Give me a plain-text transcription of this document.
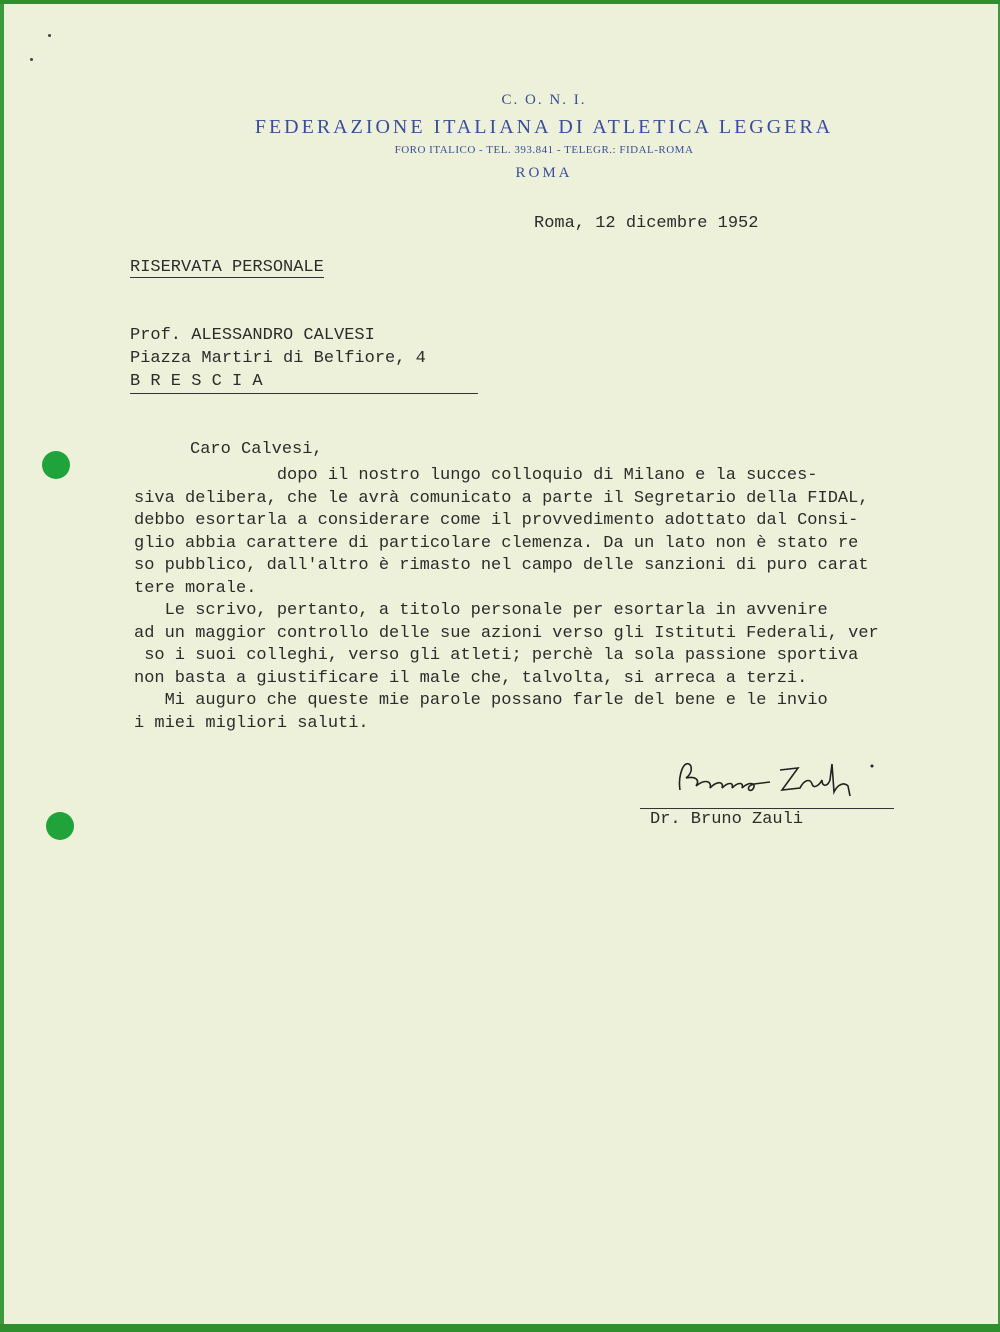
C. O. N. I.
FEDERAZIONE ITALIANA DI ATLETICA LEGGERA
FORO ITALICO - TEL. 393.841 - TELEGR.: FIDAL-ROMA
ROMA
Roma, 12 dicembre 1952
RISERVATA PERSONALE
Prof. ALESSANDRO CALVESI
Piazza Martiri di Belfiore, 4
B R E S C I A
Caro Calvesi,
dopo il nostro lungo colloquio di Milano e la succes-
siva delibera, che le avrà comunicato a parte il Segretario della FIDAL,
debbo esortarla a considerare come il provvedimento adottato dal Consi-
glio abbia carattere di particolare clemenza. Da un lato non è stato re
so pubblico, dall'altro è rimasto nel campo delle sanzioni di puro carat
tere morale.
Le scrivo, pertanto, a titolo personale per esortarla in avvenire
ad un maggior controllo delle sue azioni verso gli Istituti Federali, ver
so i suoi colleghi, verso gli atleti; perchè la sola passione sportiva
non basta a giustificare il male che, talvolta, si arreca a terzi.
Mi auguro che queste mie parole possano farle del bene e le invio
i miei migliori saluti.
Dr. Bruno Zauli
